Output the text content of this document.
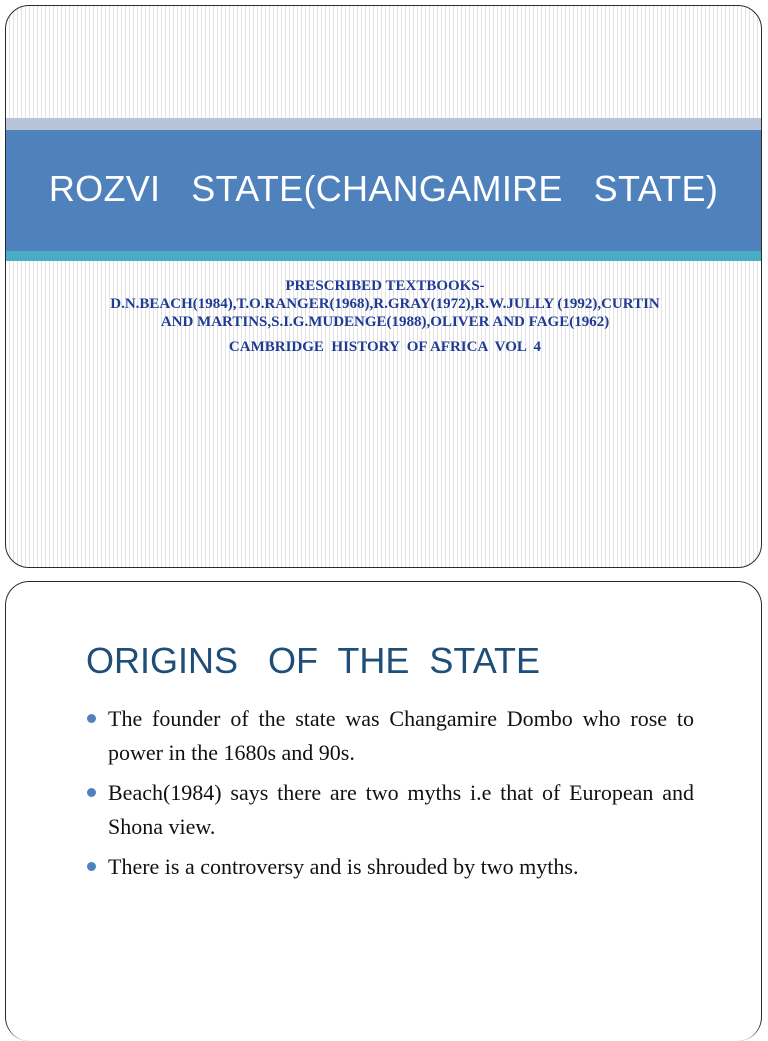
ROZVI   STATE(CHANGAMIRE   STATE)

PRESCRIBED TEXTBOOKS-

D.N.BEACH(1984),T.O.RANGER(1968),R.GRAY(1972),R.W.JULLY (1992),CURTIN AND MARTINS,S.I.G.MUDENGE(1988),OLIVER AND FAGE(1962)

CAMBRIDGE  HISTORY  OF AFRICA  VOL  4

ORIGINS   OF  THE  STATE
The founder of the state was Changamire Dombo who rose to power in the 1680s and 90s.
Beach(1984) says there are two myths i.e that of European and Shona view.
There is a controversy and is shrouded by two myths.
